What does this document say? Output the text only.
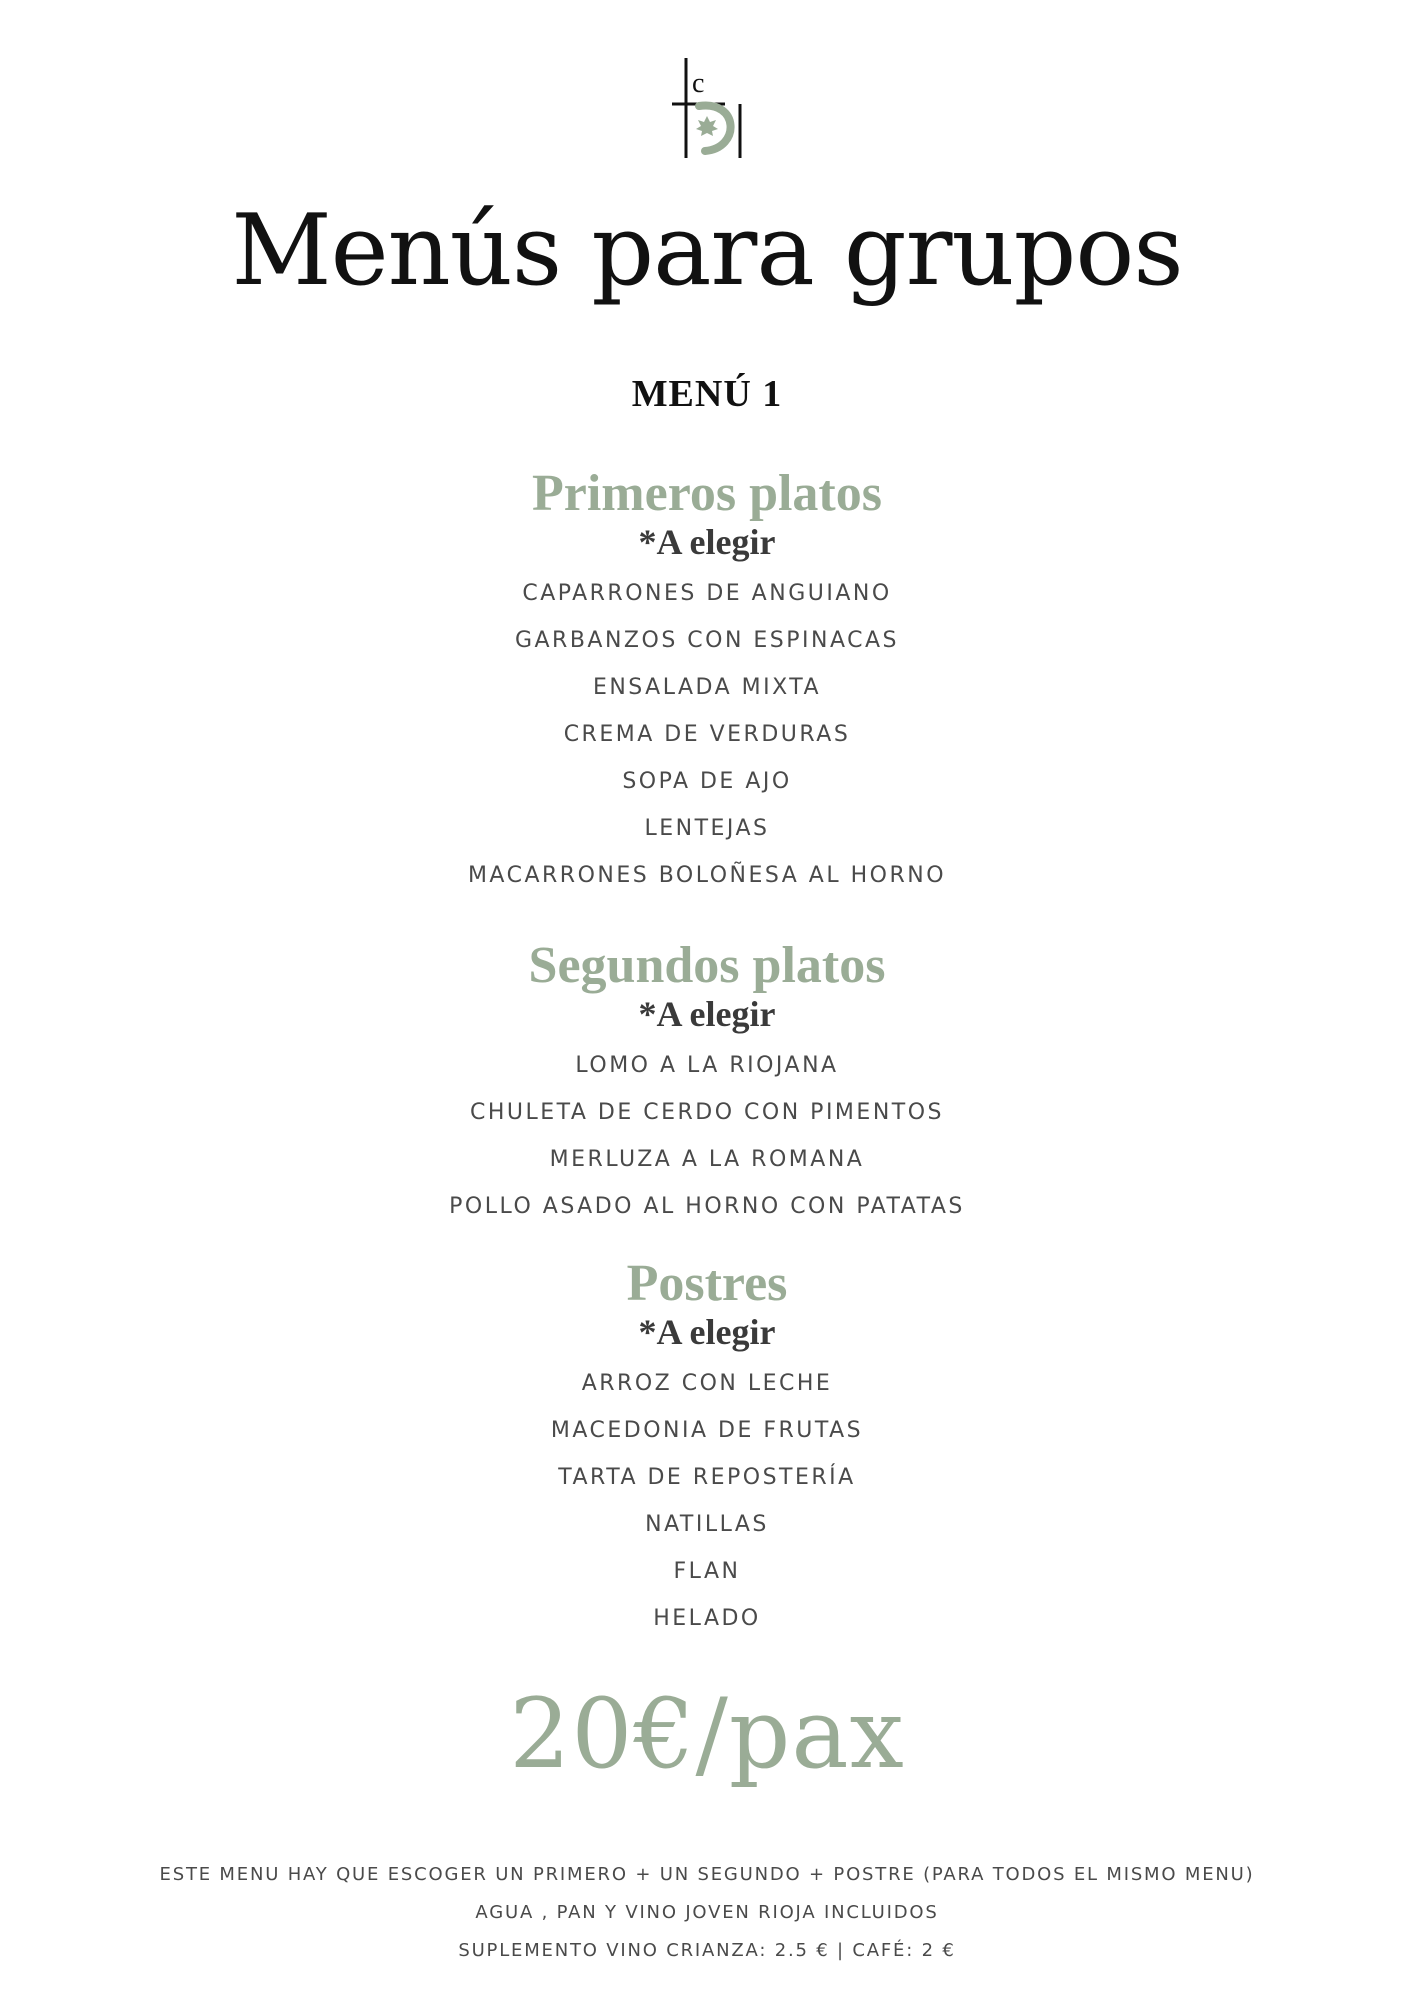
c
Menús para grupos
MENÚ 1
Primeros platos
*A elegir
CAPARRONES DE ANGUIANO
GARBANZOS CON ESPINACAS
ENSALADA MIXTA
CREMA DE VERDURAS
SOPA DE AJO
LENTEJAS
MACARRONES BOLOÑESA AL HORNO
Segundos platos
*A elegir
LOMO A LA RIOJANA
CHULETA DE CERDO CON PIMENTOS
MERLUZA A LA ROMANA
POLLO ASADO AL HORNO CON PATATAS
Postres
*A elegir
ARROZ CON LECHE
MACEDONIA DE FRUTAS
TARTA DE REPOSTERÍA
NATILLAS
FLAN
HELADO
20€/pax
ESTE MENU HAY QUE ESCOGER UN PRIMERO + UN SEGUNDO + POSTRE (PARA TODOS EL MISMO MENU)
AGUA , PAN Y VINO JOVEN RIOJA INCLUIDOS
SUPLEMENTO VINO CRIANZA: 2.5 € | CAFÉ: 2 €
